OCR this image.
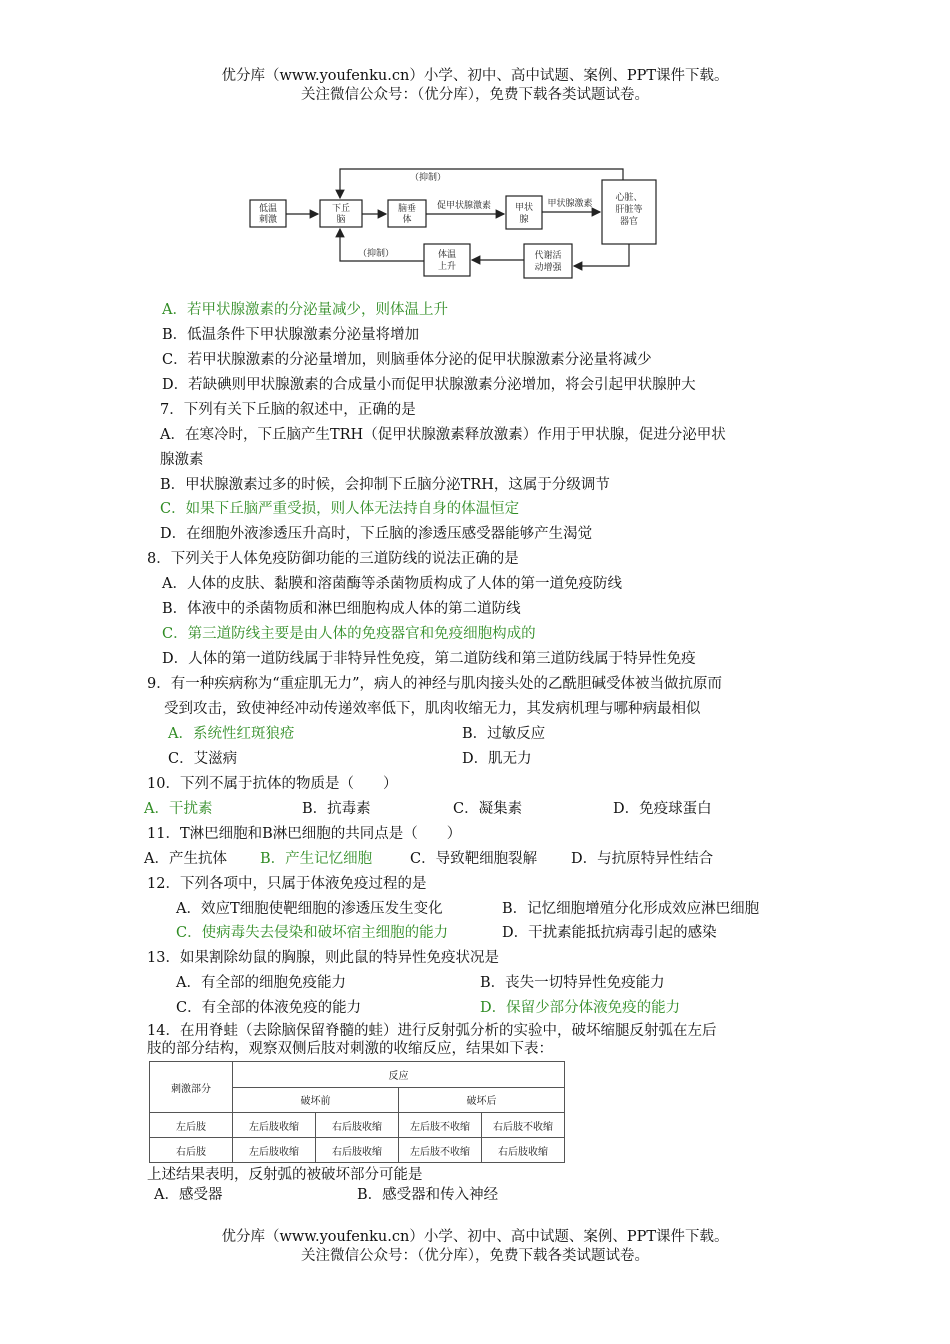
优分库（www.youfenku.cn）小学、初中、高中试题、案例、PPT课件下载。
关注微信公众号：（优分库），免费下载各类试题试卷。
低温
刺激
下丘
脑
脑垂
体
甲状
腺
心脏、
肝脏等
器官
代谢活
动增强
体温
上升
促甲状腺激素	甲状腺激素
（抑制）
（抑制）
A．若甲状腺激素的分泌量减少，则体温上升
B．低温条件下甲状腺激素分泌量将增加
C．若甲状腺激素的分泌量增加，则脑垂体分泌的促甲状腺激素分泌量将减少
D．若缺碘则甲状腺激素的合成量小而促甲状腺激素分泌增加，将会引起甲状腺肿大
7．下列有关下丘脑的叙述中，正确的是
A．在寒冷时，下丘脑产生TRH（促甲状腺激素释放激素）作用于甲状腺，促进分泌甲状
腺激素
B．甲状腺激素过多的时候，会抑制下丘脑分泌TRH，这属于分级调节
C．如果下丘脑严重受损，则人体无法持自身的体温恒定
D．在细胞外液渗透压升高时，下丘脑的渗透压感受器能够产生渴觉
8．下列关于人体免疫防御功能的三道防线的说法正确的是
A．人体的皮肤、黏膜和溶菌酶等杀菌物质构成了人体的第一道免疫防线
B．体液中的杀菌物质和淋巴细胞构成人体的第二道防线
C．第三道防线主要是由人体的免疫器官和免疫细胞构成的
D．人体的第一道防线属于非特异性免疫，第二道防线和第三道防线属于特异性免疫
9．有一种疾病称为“重症肌无力”，病人的神经与肌肉接头处的乙酰胆碱受体被当做抗原而
受到攻击，致使神经冲动传递效率低下，肌肉收缩无力，其发病机理与哪种病最相似
A．系统性红斑狼疮	B．过敏反应
C．艾滋病	D．肌无力
10．下列不属于抗体的物质是（　　）
A．干扰素	B．抗毒素	C．凝集素	D．免疫球蛋白
11．T淋巴细胞和B淋巴细胞的共同点是（　　）
A．产生抗体 B．产生记忆细胞	C．导致靶细胞裂解 D．与抗原特异性结合
12．下列各项中，只属于体液免疫过程的是
A．效应T细胞使靶细胞的渗透压发生变化	B．记忆细胞增殖分化形成效应淋巴细胞
C．使病毒失去侵染和破坏宿主细胞的能力	D．干扰素能抵抗病毒引起的感染
13．如果割除幼鼠的胸腺，则此鼠的特异性免疫状况是
A．有全部的细胞免疫能力	B．丧失一切特异性免疫能力
C．有全部的体液免疫的能力	D．保留少部分体液免疫的能力
14．在用脊蛙（去除脑保留脊髓的蛙）进行反射弧分析的实验中，破坏缩腿反射弧在左后
肢的部分结构，观察双侧后肢对刺激的收缩反应，结果如下表：
刺激部分	反应			
	破坏前		破坏后	
左后肢	左后肢收缩	右后肢收缩	左后肢不收缩	右后肢不收缩
右后肢	左后肢收缩	右后肢收缩	左后肢不收缩	右后肢收缩
上述结果表明，反射弧的被破坏部分可能是
A．感受器	B．感受器和传入神经
优分库（www.youfenku.cn）小学、初中、高中试题、案例、PPT课件下载。
关注微信公众号：（优分库），免费下载各类试题试卷。
